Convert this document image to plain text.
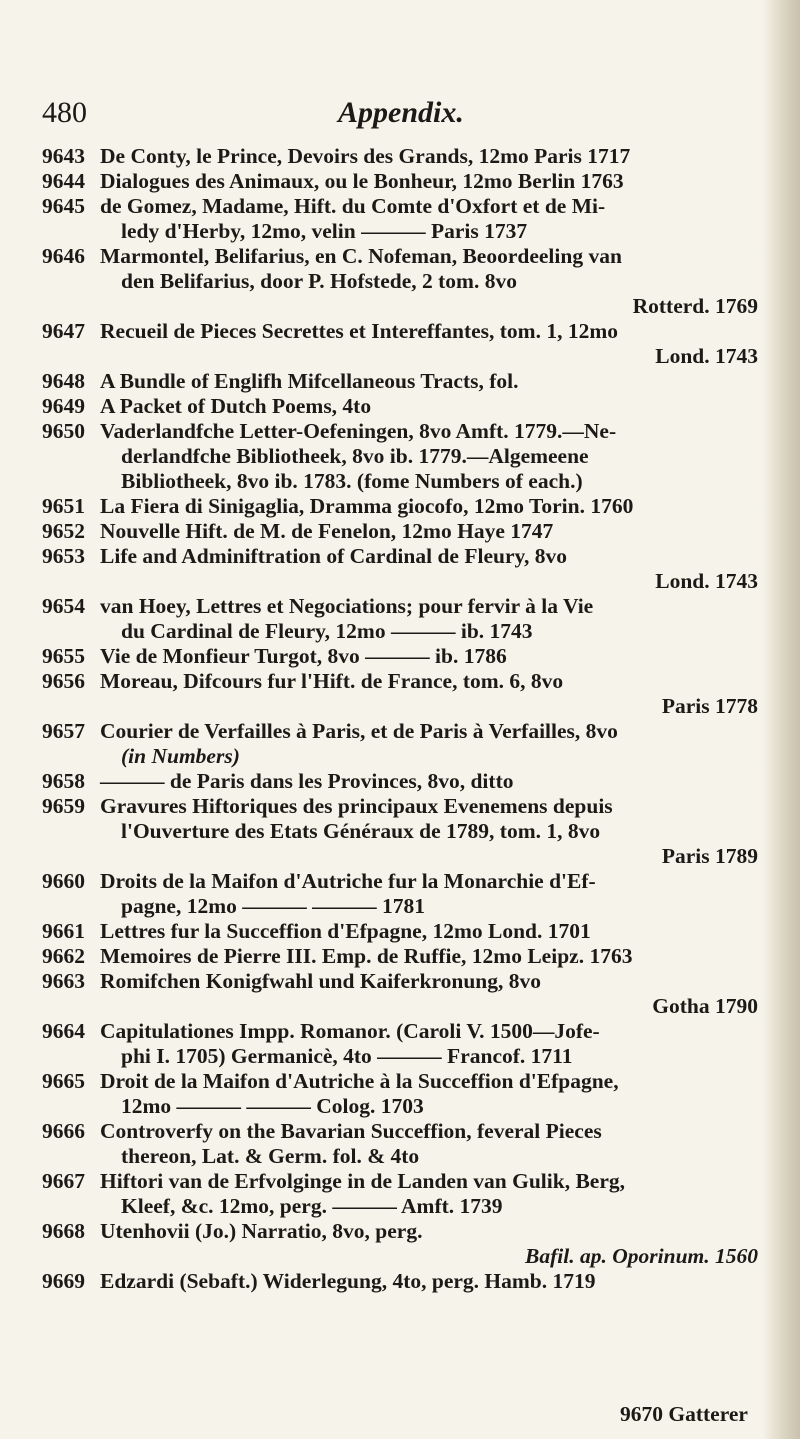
480	Appendix.
9643 De Conty, le Prince, Devoirs des Grands, 12mo Paris 1717
9644 Dialogues des Animaux, ou le Bonheur, 12mo Berlin 1763
9645 de Gomez, Madame, Hift. du Comte d'Oxfort et de Mi-
ledy d'Herby, 12mo, velin ——— Paris 1737
9646 Marmontel, Belifarius, en C. Nofeman, Beoordeeling van
den Belifarius, door P. Hofstede, 2 tom. 8vo
Rotterd. 1769
9647 Recueil de Pieces Secrettes et Intereffantes, tom. 1, 12mo
Lond. 1743
9648 A Bundle of Englifh Mifcellaneous Tracts, fol.
9649 A Packet of Dutch Poems, 4to
9650 Vaderlandfche Letter-Oefeningen, 8vo Amft. 1779.—Ne-
derlandfche Bibliotheek, 8vo ib. 1779.—Algemeene
Bibliotheek, 8vo ib. 1783. (fome Numbers of each.)
9651 La Fiera di Sinigaglia, Dramma giocofo, 12mo Torin. 1760
9652 Nouvelle Hift. de M. de Fenelon, 12mo Haye 1747
9653 Life and Adminiftration of Cardinal de Fleury, 8vo
Lond. 1743
9654 van Hoey, Lettres et Negociations; pour fervir à la Vie
du Cardinal de Fleury, 12mo ——— ib. 1743
9655 Vie de Monfieur Turgot, 8vo ——— ib. 1786
9656 Moreau, Difcours fur l'Hift. de France, tom. 6, 8vo
Paris 1778
9657 Courier de Verfailles à Paris, et de Paris à Verfailles, 8vo
(in Numbers)
9658 ——— de Paris dans les Provinces, 8vo, ditto
9659 Gravures Hiftoriques des principaux Evenemens depuis
l'Ouverture des Etats Généraux de 1789, tom. 1, 8vo
Paris 1789
9660 Droits de la Maifon d'Autriche fur la Monarchie d'Ef-
pagne, 12mo ——— ——— 1781
9661 Lettres fur la Succeffion d'Efpagne, 12mo Lond. 1701
9662 Memoires de Pierre III. Emp. de Ruffie, 12mo Leipz. 1763
9663 Romifchen Konigfwahl und Kaiferkronung, 8vo
Gotha 1790
9664 Capitulationes Impp. Romanor. (Caroli V. 1500—Jofe-
phi I. 1705) Germanicè, 4to ——— Francof. 1711
9665 Droit de la Maifon d'Autriche à la Succeffion d'Efpagne,
12mo ——— ——— Colog. 1703
9666 Controverfy on the Bavarian Succeffion, feveral Pieces
thereon, Lat. & Germ. fol. & 4to
9667 Hiftori van de Erfvolginge in de Landen van Gulik, Berg,
Kleef, &c. 12mo, perg. ——— Amft. 1739
9668 Utenhovii (Jo.) Narratio, 8vo, perg.
Bafil. ap. Oporinum. 1560
9669 Edzardi (Sebaft.) Widerlegung, 4to, perg. Hamb. 1719
9670 Gatterer
